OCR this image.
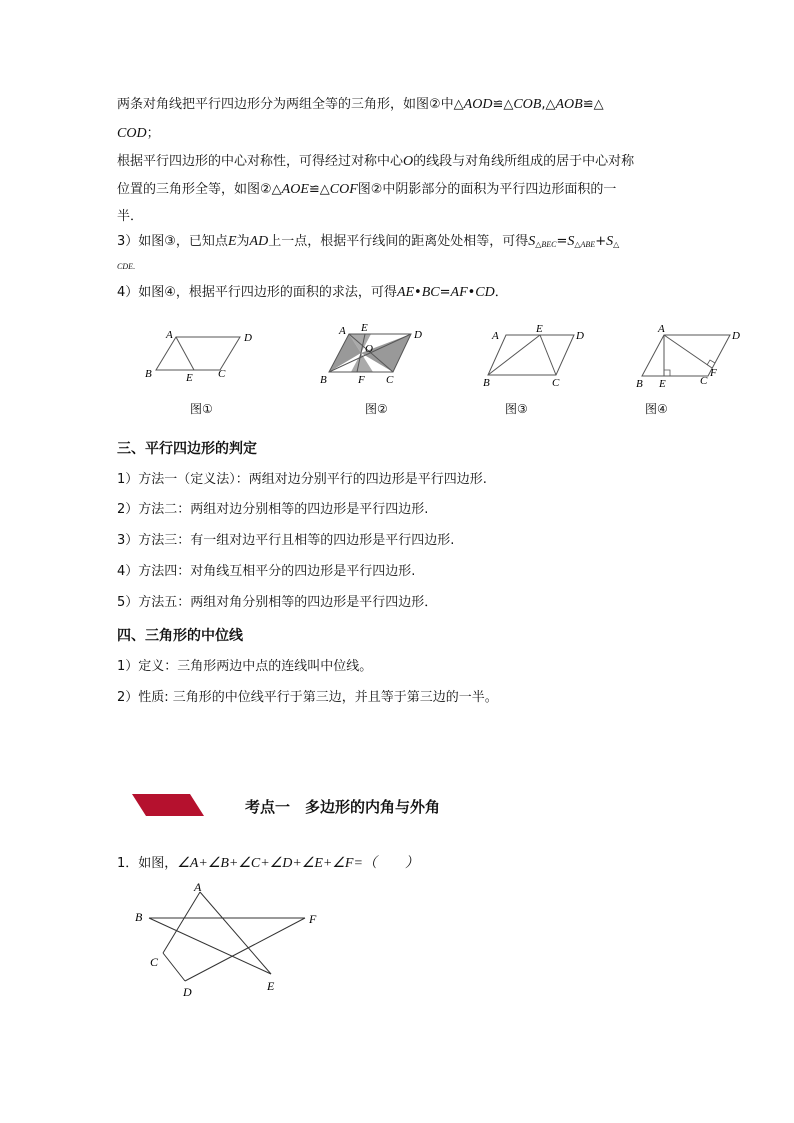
两条对角线把平行四边形分为两组全等的三角形，如图②中△AOD≌△COB,△AOB≌△
COD；
根据平行四边形的中心对称性，可得经过对称中心O的线段与对角线所组成的居于中心对称
位置的三角形全等，如图②△AOE≌△COF图②中阴影部分的面积为平行四边形面积的一
半．
3）如图③，已知点E为AD上一点，根据平行线间的距离处处相等，可得$S_{\triangle BEC}=S_{\triangle ABE}+S_\triangle$
$_{CDE.}$
4）如图④，根据平行四边形的面积的求法，可得AE•BC=AF•CD．
A	D
B	E C
图①
A E
D
O
B	F C
图②
A
E
D
B	C
图③
A
D
B E	C
F
图④
三、平行四边形的判定
1）方法一（定义法）：两组对边分别平行的四边形是平行四边形.
2）方法二：两组对边分别相等的四边形是平行四边形.
3）方法三：有一组对边平行且相等的四边形是平行四边形.
4）方法四：对角线互相平分的四边形是平行四边形.
5）方法五：两组对角分别相等的四边形是平行四边形．
四、三角形的中位线
1）定义：三角形两边中点的连线叫中位线。
2）性质: 三角形的中位线平行于第三边，并且等于第三边的一半。
考点一　多边形的内角与外角
1．如图，∠A+∠B+∠C+∠D+∠E+∠F=（　　）
A
B	F
C
D	E
